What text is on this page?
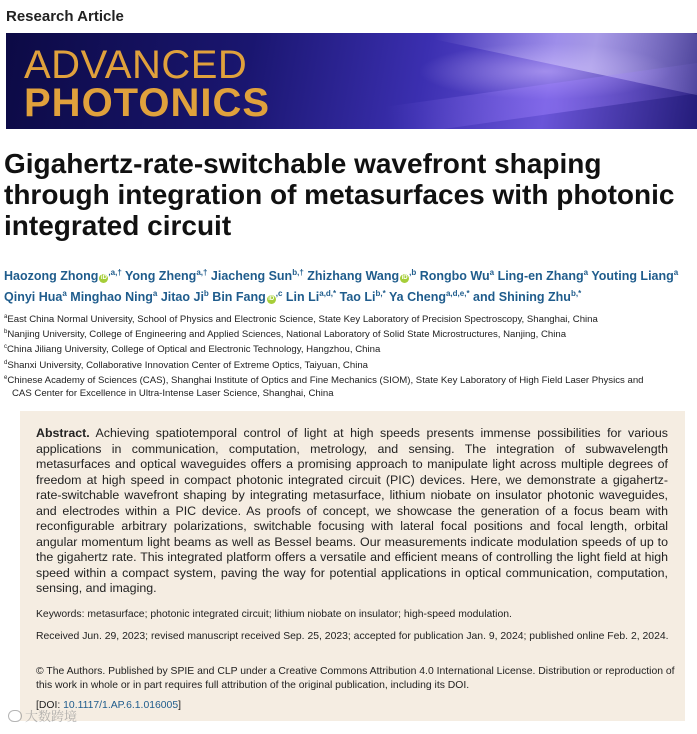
Research Article
ADVANCED
PHOTONICS
Gigahertz-rate-switchable wavefront shaping through integration of metasurfaces with photonic integrated circuit
Haozong Zhong $iD^{,a,\dagger}$ Yong Zheng$^{a,\dagger}$ Jiacheng Sun$^{b,\dagger}$ Zhizhang Wang $iD^{,b}$ Rongbo Wu$^a$ Ling-en Zhang$^a$ Youting Liang$^a$ Qinyi Hua$^a$ Minghao Ning$^a$ Jitao Ji$^b$ Bin Fang $iD^{,c}$ Lin $Li^{a,d,*}$ Tao $Li^{b,*}$ Ya Cheng$^{a,d,e,*}$ and Shining Zhu$^{b,*}$
$^a$East China Normal University, School of Physics and Electronic Science, State Key Laboratory of Precision Spectroscopy, Shanghai, China
$^b$Nanjing University, College of Engineering and Applied Sciences, National Laboratory of Solid State Microstructures, Nanjing, China
$^c$China Jiliang University, College of Optical and Electronic Technology, Hangzhou, China
$^d$Shanxi University, Collaborative Innovation Center of Extreme Optics, Taiyuan, China
$^e$Chinese Academy of Sciences (CAS), Shanghai Institute of Optics and Fine Mechanics (SIOM), State Key Laboratory of High Field Laser Physics and
CAS Center for Excellence in Ultra-Intense Laser Science, Shanghai, China
Abstract. Achieving spatiotemporal control of light at high speeds presents immense possibilities for various applications in communication, computation, metrology, and sensing. The integration of subwavelength metasurfaces and optical waveguides offers a promising approach to manipulate light across multiple degrees of freedom at high speed in compact photonic integrated circuit (PIC) devices. Here, we demonstrate a gigahertz-rate-switchable wavefront shaping by integrating metasurface, lithium niobate on insulator photonic waveguides, and electrodes within a PIC device. As proofs of concept, we showcase the generation of a focus beam with reconfigurable arbitrary polarizations, switchable focusing with lateral focal positions and focal length, orbital angular momentum light beams as well as Bessel beams. Our measurements indicate modulation speeds of up to the gigahertz rate. This integrated platform offers a versatile and efficient means of controlling the light field at high speed within a compact system, paving the way for potential applications in optical communication, computation, sensing, and imaging.
Keywords: metasurface; photonic integrated circuit; lithium niobate on insulator; high-speed modulation.
Received Jun. 29, 2023; revised manuscript received Sep. 25, 2023; accepted for publication Jan. 9, 2024; published online Feb. 2, 2024.
© The Authors. Published by SPIE and CLP under a Creative Commons Attribution 4.0 International License. Distribution or reproduction of this work in whole or in part requires full attribution of the original publication, including its DOI.
[DOI: 10.1117/1.AP.6.1.016005]
大数跨境
